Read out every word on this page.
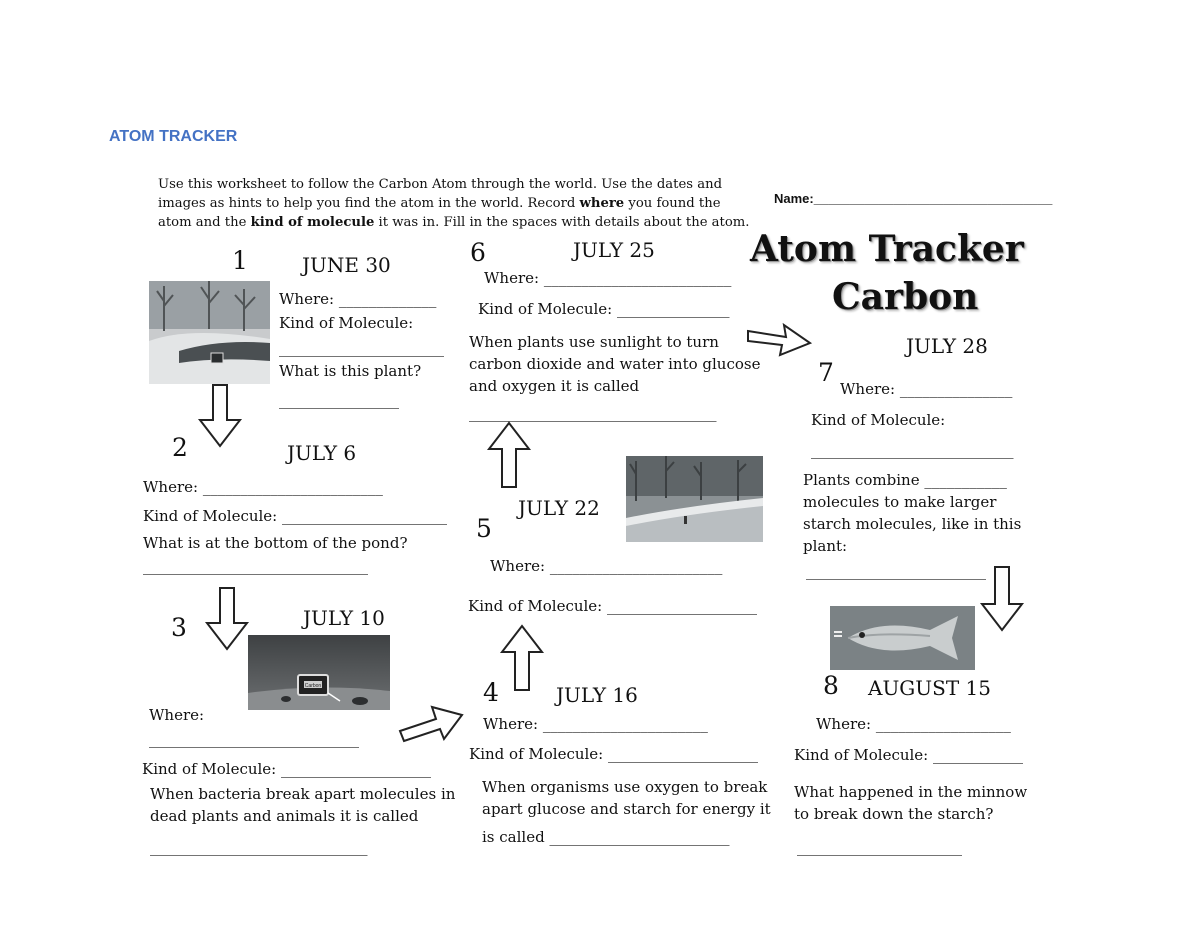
ATOM TRACKER
Use this worksheet to follow the Carbon Atom through the world. Use the dates and images as hints to help you find the atom in the world. Record where you found the atom and the kind of molecule it was in. Fill in the spaces with details about the atom.
Name:_________________________________
Atom Tracker
Carbon
1	JUNE 30
Where: _____________
Kind of Molecule:
______________________
What is this plant?
________________
2	JULY 6
Where: ________________________
Kind of Molecule: ______________________
What is at the bottom of the pond?
______________________________
3	JULY 10
Where:
____________________________
Kind of Molecule: ____________________
When bacteria break apart molecules in dead plants and animals it is called
_____________________________
Carbon	4	JULY 16
Where: ______________________
Kind of Molecule: ____________________
When organisms use oxygen to break apart glucose and starch for energy it
is called ________________________
5
JULY 22
Where: _______________________
Kind of Molecule: ____________________
6	JULY 25
Where: _________________________
Kind of Molecule: _______________
When plants use sunlight to turn carbon dioxide and water into glucose and oxygen it is called
_________________________________
7
JULY 28
Where: _______________
Kind of Molecule:
___________________________
Plants combine ___________ molecules to make larger starch molecules, like in this plant:
________________________
8 AUGUST 15
Where: __________________
Kind of Molecule: ____________
What happened in the minnow to break down the starch?
______________________
